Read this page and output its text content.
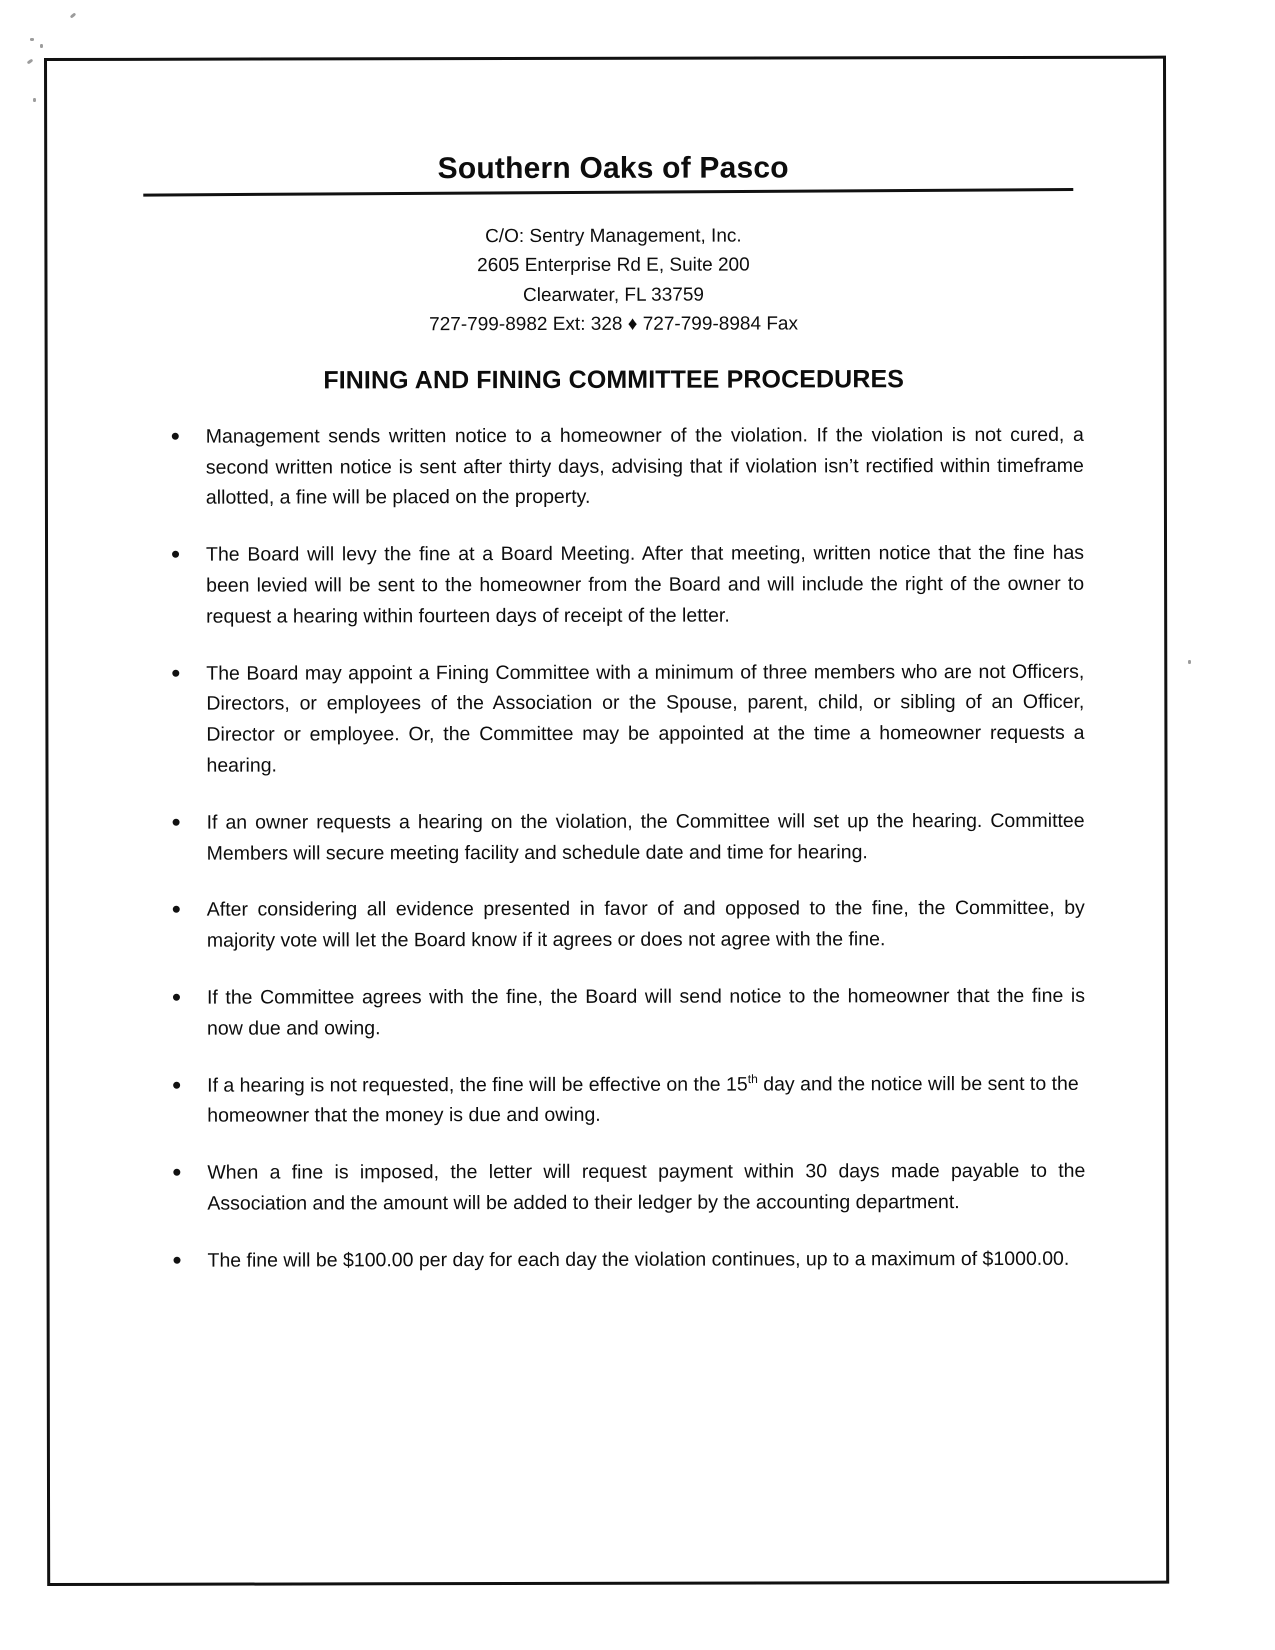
Southern Oaks of Pasco
C/O: Sentry Management, Inc.
2605 Enterprise Rd E, Suite 200
Clearwater, FL 33759
727-799-8982 Ext: 328 ♦ 727-799-8984 Fax
FINING AND FINING COMMITTEE PROCEDURES
Management sends written notice to a homeowner of the violation. If the violation is not cured, a second written notice is sent after thirty days, advising that if violation isn’t rectified within timeframe allotted, a fine will be placed on the property.
The Board will levy the fine at a Board Meeting. After that meeting, written notice that the fine has been levied will be sent to the homeowner from the Board and will include the right of the owner to request a hearing within fourteen days of receipt of the letter.
The Board may appoint a Fining Committee with a minimum of three members who are not Officers, Directors, or employees of the Association or the Spouse, parent, child, or sibling of an Officer, Director or employee. Or, the Committee may be appointed at the time a homeowner requests a hearing.
If an owner requests a hearing on the violation, the Committee will set up the hearing. Committee Members will secure meeting facility and schedule date and time for hearing.
After considering all evidence presented in favor of and opposed to the fine, the Committee, by majority vote will let the Board know if it agrees or does not agree with the fine.
If the Committee agrees with the fine, the Board will send notice to the homeowner that the fine is now due and owing.
If a hearing is not requested, the fine will be effective on the 15th day and the notice will be sent to the homeowner that the money is due and owing.
When a fine is imposed, the letter will request payment within 30 days made payable to the Association and the amount will be added to their ledger by the accounting department.
The fine will be $100.00 per day for each day the violation continues, up to a maximum of $1000.00.
